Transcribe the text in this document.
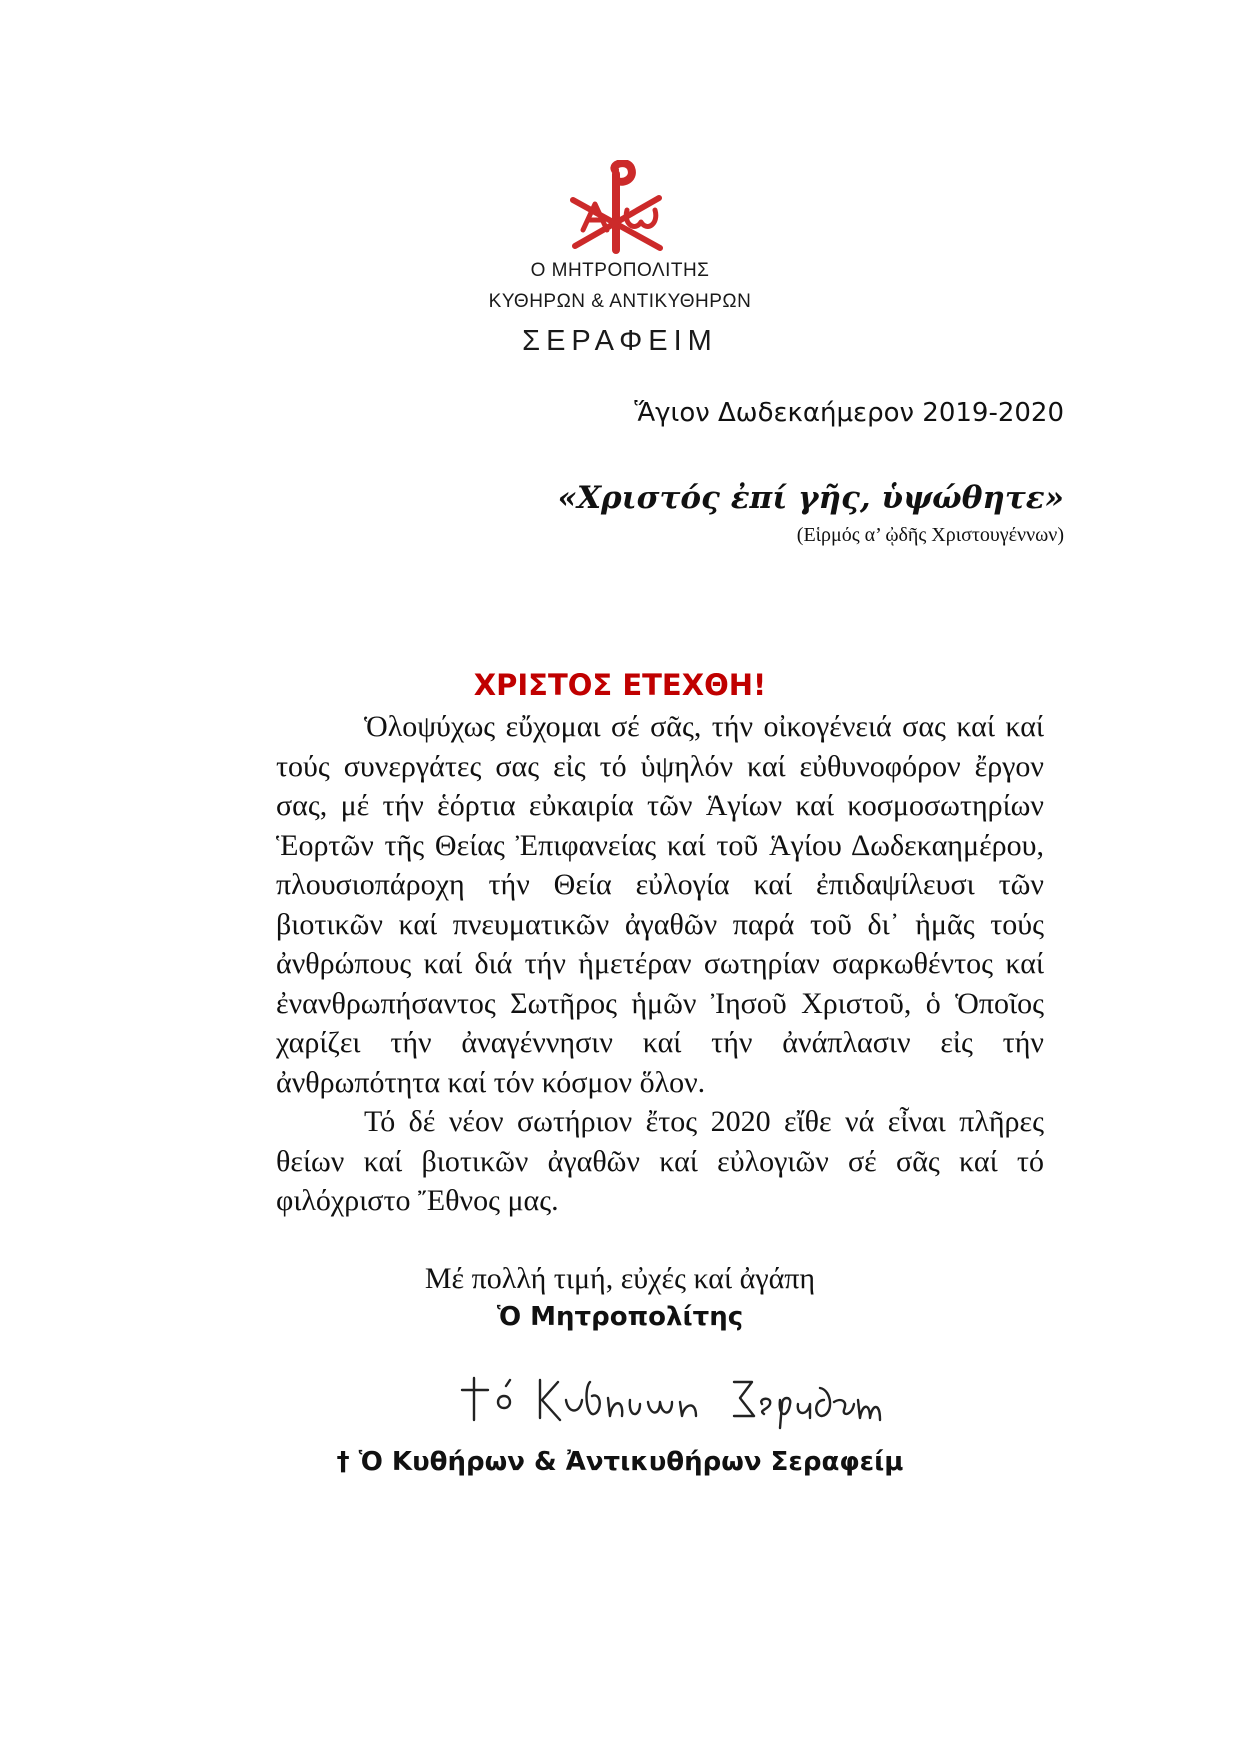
Ο ΜΗΤΡΟΠΟΛΙΤΗΣ
ΚΥΘΗΡΩΝ & ΑΝΤΙΚΥΘΗΡΩΝ
ΣΕΡΑΦΕΙΜ
Ἅγιον Δωδεκαήμερον 2019-2020
«Χριστός ἐπί γῆς, ὑψώθητε»
(Εἱρμός α’ ᾠδῆς Χριστουγέννων)
ΧΡΙΣΤΟΣ ΕΤΕΧΘΗ!

Ὁλοψύχως εὔχομαι σέ σᾶς, τήν οἰκογένειά σας καί καί τούς συνεργάτες σας εἰς τό ὑψηλόν καί εὐθυνοφόρον ἔργον σας, μέ τήν ἑόρτια εὐκαιρία τῶν Ἁγίων καί κοσμοσωτηρίων Ἑορτῶν τῆς Θείας Ἐπιφανείας καί τοῦ Ἁγίου Δωδεκαημέρου, πλουσιοπάροχη τήν Θεία εὐλογία καί ἐπιδαψίλευσι τῶν βιοτικῶν καί πνευματικῶν ἀγαθῶν παρά τοῦ δι᾽ ἡμᾶς τούς ἀνθρώπους καί διά τήν ἡμετέραν σωτηρίαν σαρκωθέντος καί ἐνανθρωπήσαντος Σωτῆρος ἡμῶν Ἰησοῦ Χριστοῦ, ὁ Ὁποῖος χαρίζει τήν ἀναγέννησιν καί τήν ἀνάπλασιν εἰς τήν ἀνθρωπότητα καί τόν κόσμον ὅλον.

Τό δέ νέον σωτήριον ἔτος 2020 εἴθε νά εἶναι πλῆρες θείων καί βιοτικῶν ἀγαθῶν καί εὐλογιῶν σέ σᾶς καί τό φιλόχριστο Ἔθνος μας.

Μέ πολλή τιμή, εὐχές καί ἀγάπη
Ὁ Μητροπολίτης
† Ὁ Κυθήρων & Ἀντικυθήρων Σεραφείμ
